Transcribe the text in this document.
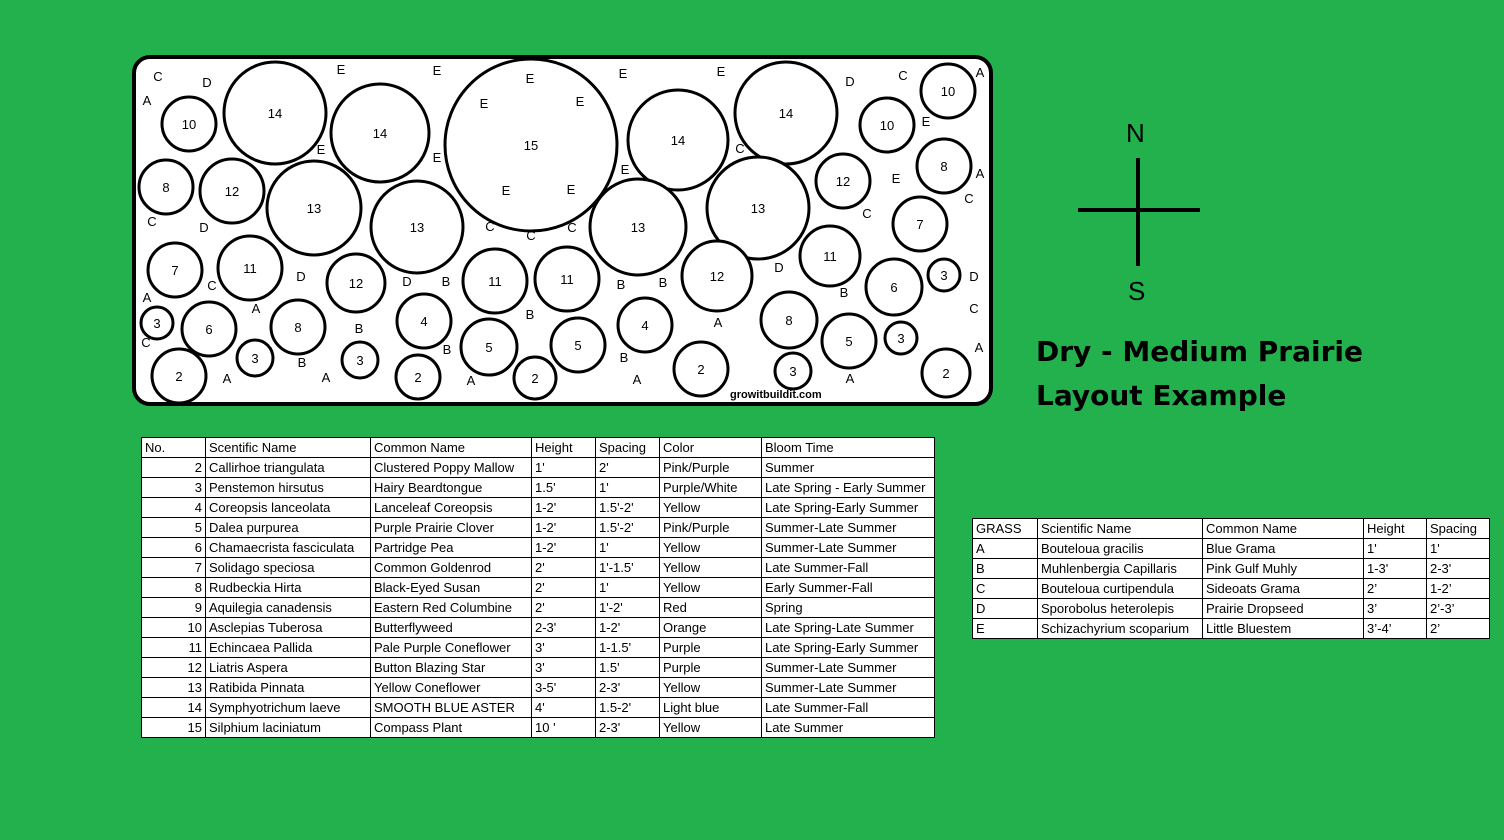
10
14
14
15	14
14
10
10
8	12
13
13	13
13
12
8
7
7	11
12	11	11	12
11
6
3
3	6	8	4
5	5
4	8
5	3
2
3	3
2	2
2	3	2
C	D
A
E	E
E	E	E
D	C	A
E	E
E
E
E	E
E
C
A
E
E
C
C	D
C
C
C
C
D
D
C	D B	B	B
B
D
A
A
B
B
A
B
B
C
C
B
A	A	A	A	A
A
growitbuildit.com
N
S
Dry - Medium Prairie
Layout Example
No.	Scentific Name	Common Name	Height	Spacing	Color	Bloom Time
2	Callirhoe triangulata	Clustered Poppy Mallow	1'	2'	Pink/Purple	Summer
3	Penstemon hirsutus	Hairy Beardtongue	1.5'	1'	Purple/White	Late Spring - Early Summer
4	Coreopsis lanceolata	Lanceleaf Coreopsis	1-2'	1.5'-2'	Yellow	Late Spring-Early Summer
5	Dalea purpurea	Purple Prairie Clover	1-2'	1.5'-2'	Pink/Purple	Summer-Late Summer
6	Chamaecrista fasciculata	Partridge Pea	1-2'	1'	Yellow	Summer-Late Summer
7	Solidago speciosa	Common Goldenrod	2'	1'-1.5'	Yellow	Late Summer-Fall
8	Rudbeckia Hirta	Black-Eyed Susan	2'	1'	Yellow	Early Summer-Fall
9	Aquilegia canadensis	Eastern Red Columbine	2'	1'-2'	Red	Spring
10	Asclepias Tuberosa	Butterflyweed	2-3'	1-2'	Orange	Late Spring-Late Summer
11	Echincaea Pallida	Pale Purple Coneflower	3'	1-1.5'	Purple	Late Spring-Early Summer
12	Liatris Aspera	Button Blazing Star	3'	1.5'	Purple	Summer-Late Summer
13	Ratibida Pinnata	Yellow Coneflower	3-5'	2-3'	Yellow	Summer-Late Summer
14	Symphyotrichum laeve	SMOOTH BLUE ASTER	4'	1.5-2'	Light blue	Late Summer-Fall
15	Silphium laciniatum	Compass Plant	10 '	2-3'	Yellow	Late Summer
GRASS	Scientific Name	Common Name	Height	Spacing
A	Bouteloua gracilis	Blue Grama	1'	1'
B	Muhlenbergia Capillaris	Pink Gulf Muhly	1-3'	2-3'
C	Bouteloua curtipendula	Sideoats Grama	2’	1-2’
D	Sporobolus heterolepis	Prairie Dropseed	3’	2’-3’
E	Schizachyrium scoparium	Little Bluestem	3’-4’	2’
